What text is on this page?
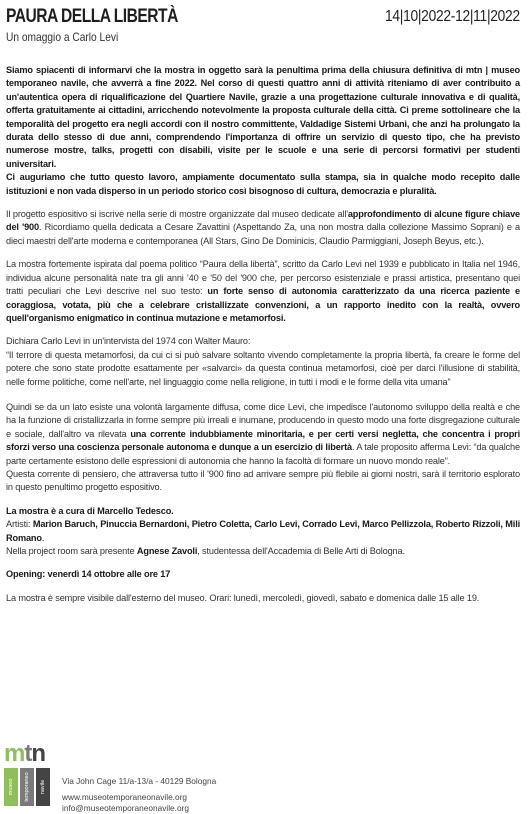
PAURA DELLA LIBERTÀ
Un omaggio a Carlo Levi
14|10|2022-12|11|2022

Siamo spiacenti di informarvi che la mostra in oggetto sarà la penultima prima della chiusura definitiva di mtn | museo temporaneo navile, che avverrà a fine 2022. Nel corso di questi quattro anni di attività riteniamo di aver contribuito a un'autentica opera di riqualificazione del Quartiere Navile, grazie a una progettazione culturale innovativa e di qualità, offerta gratuitamente ai cittadini, arricchendo notevolmente la proposta culturale della città. Ci preme sottolineare che la temporalità del progetto era negli accordi con il nostro committente, Valdadige Sistemi Urbani, che anzi ha prolungato la durata dello stesso di due anni, comprendendo l'importanza di offrire un servizio di questo tipo, che ha previsto numerose mostre, talks, progetti con disabili, visite per le scuole e una serie di percorsi formativi per studenti universitari.

Ci auguriamo che tutto questo lavoro, ampiamente documentato sulla stampa, sia in qualche modo recepito dalle istituzioni e non vada disperso in un periodo storico così bisognoso di cultura, democrazia e pluralità.

Il progetto espositivo si iscrive nella serie di mostre organizzate dal museo dedicate all'approfondimento di alcune figure chiave del '900. Ricordiamo quella dedicata a Cesare Zavattini (Aspettando Za, una non mostra dalla collezione Massimo Soprani) e a dieci maestri dell'arte moderna e contemporanea (All Stars, Gino De Dominicis, Claudio Parmiggiani, Joseph Beyus, etc.).

La mostra fortemente ispirata dal poema politico “Paura della libertà”, scritto da Carlo Levi nel 1939 e pubblicato in Italia nel 1946, individua alcune personalità nate tra gli anni '40 e '50 del '900 che, per percorso esistenziale e prassi artistica, presentano quei tratti peculiari che Levi descrive nel suo testo: un forte senso di autonomia caratterizzato da una ricerca paziente e coraggiosa, votata, più che a celebrare cristallizzate convenzioni, a un rapporto inedito con la realtà, ovvero quell'organismo enigmatico in continua mutazione e metamorfosi.

Dichiara Carlo Levi in un'intervista del 1974 con Walter Mauro:

“Il terrore di questa metamorfosi, da cui ci si può salvare soltanto vivendo completamente la propria libertà, fa creare le forme del potere che sono state prodotte esattamente per «salvarci» da questa continua metamorfosi, cioè per darci l'illusione di stabilità, nelle forme politiche, come nell'arte, nel linguaggio come nella religione, in tutti i modi e le forme della vita umana”

Quindi se da un lato esiste una volontà largamente diffusa, come dice Levi, che impedisce l'autonomo sviluppo della realtà e che ha la funzione di cristallizzarla in forme sempre più irreali e inumane, producendo in questo modo una forte disgregazione culturale e sociale, dall'altro va rilevata una corrente indubbiamente minoritaria, e per certi versi negletta, che concentra i propri sforzi verso una coscienza personale autonoma e dunque a un esercizio di libertà. A tale proposito afferma Levi: “da qualche parte certamente esistono delle espressioni di autonomia che hanno la facoltà di formare un nuovo mondo reale”.

Questa corrente di pensiero, che attraversa tutto il '900 fino ad arrivare sempre più flebile ai giorni nostri, sarà il territorio esplorato in questo penultimo progetto espositivo.

La mostra è a cura di Marcello Tedesco.

Artisti: Marion Baruch, Pinuccia Bernardoni, Pietro Coletta, Carlo Levi, Corrado Levi, Marco Pellizzola, Roberto Rizzoli, Mili Romano.

Nella project room sarà presente Agnese Zavoli, studentessa dell'Accademia di Belle Arti di Bologna.

Opening: venerdì 14 ottobre alle ore 17

La mostra è sempre visibile dall'esterno del museo. Orari: lunedì, mercoledì, giovedì, sabato e domenica dalle 15 alle 19.

mtn
museo temporaneo navile Via John Cage 11/a-13/a - 40129 Bologna
www.museotemporaneonavile.org
info@museotemporaneonavile.org
